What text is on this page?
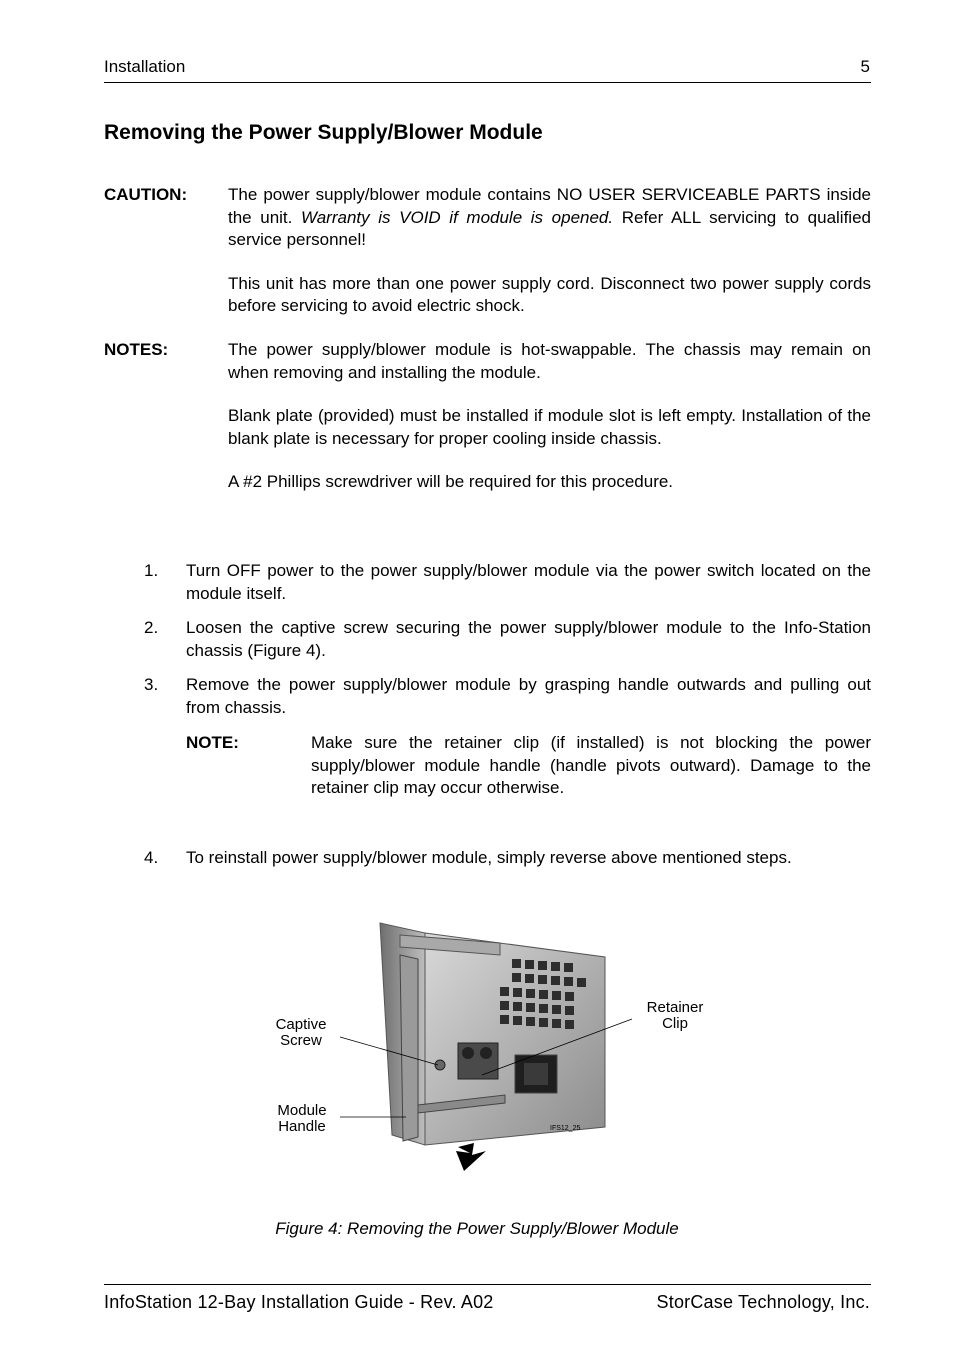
Installation	5
Removing the Power Supply/Blower Module
CAUTION: The power supply/blower module contains NO USER SERVICEABLE PARTS inside the unit. Warranty is VOID if module is opened. Refer ALL servicing to qualified service personnel!

This unit has more than one power supply cord. Disconnect two power supply cords before servicing to avoid electric shock.

NOTES:	The power supply/blower module is hot-swappable. The chassis may remain on when removing and installing the module.

Blank plate (provided) must be installed if module slot is left empty. Installation of the blank plate is necessary for proper cooling inside chassis.

A #2 Phillips screwdriver will be required for this procedure.

1. Turn OFF power to the power supply/blower module via the power switch located on the module itself.
2. Loosen the captive screw securing the power supply/blower module to the Info-Station chassis (Figure 4).
3. Remove the power supply/blower module by grasping handle outwards and pulling out from chassis.
NOTE:	Make sure the retainer clip (if installed) is not blocking the power supply/blower module handle (handle pivots outward). Damage to the retainer clip may occur otherwise.
4. To reinstall power supply/blower module, simply reverse above mentioned steps.
Captive
Screw
Module
Handle
Retainer
Clip
IFS12_25
Figure 4: Removing the Power Supply/Blower Module
InfoStation 12-Bay Installation Guide - Rev. A02	StorCase Technology, Inc.
